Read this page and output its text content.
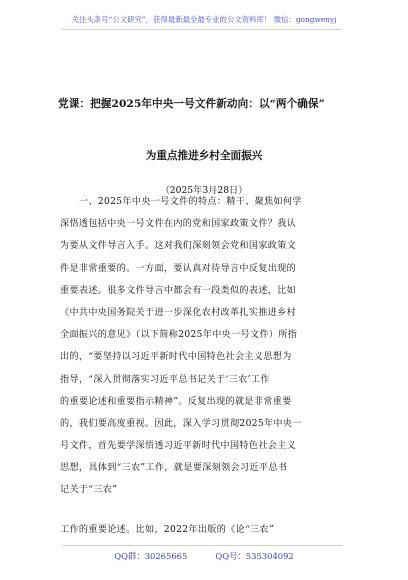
关注头条号“公文研究”，获得最新最全最专业的公文资料库！ 微信：gongwenyj
党课：把握2025年中央一号文件新动向：以“两个确保”
为重点推进乡村全面振兴
（2025年3月28日）
一、2025年中央一号文件的特点：精干、聚焦如何学
深悟透包括中央一号文件在内的党和国家政策文件？我认
为要从文件导言入手。这对我们深刻领会党和国家政策文
件是非常重要的。一方面，要认真对待导言中反复出现的
重要表述。很多文件导言中都会有一段类似的表述，比如
《中共中央国务院关于进一步深化农村改革扎实推进乡村
全面振兴的意见》（以下简称2025年中央一号文件）所指
出的，“要坚持以习近平新时代中国特色社会主义思想为
指导，“深入贯彻落实习近平总书记关于‘三农’工作
的重要论述和重要指示精神”。反复出现的就是非常重要
的，我们要高度重视。因此，深入学习贯彻2025年中央一
号文件，首先要学深悟透习近平新时代中国特色社会主义
思想，具体到“三农”工作，就是要深刻领会习近平总书
记关于“三农”
工作的重要论述。比如，2022年出版的《论“三农”
QQ群：30265665	QQ号：535304092
